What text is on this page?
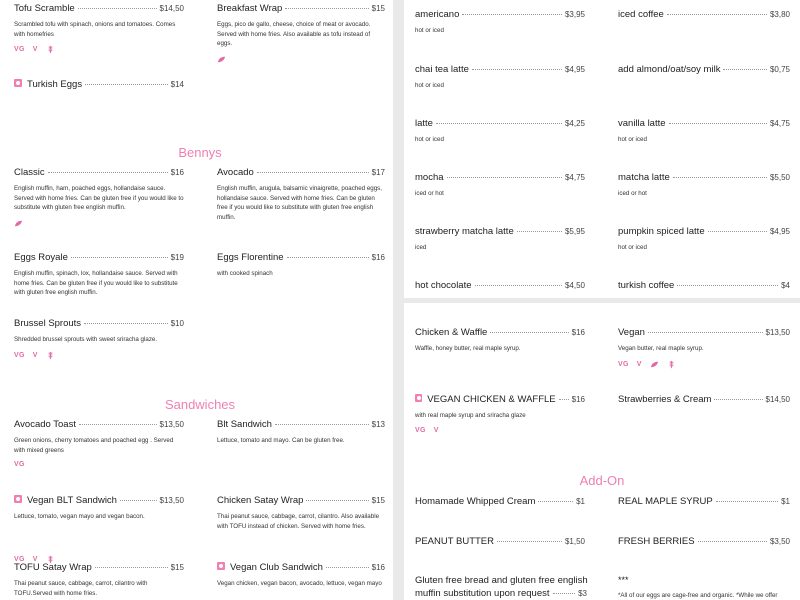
Tofu Scramble	$14,50
Scrambled tofu with spinach, onions and tomatoes. Comes with homefries
VG V
Breakfast Wrap	$15
Eggs, pico de gallo, cheese, choice of meat or avocado. Served with home fries. Also available as tofu instead of eggs.
Turkish Eggs	$14
Bennys
Classic	$16
English muffin, ham, poached eggs, hollandaise sauce. Served with home fries. Can be gluten free if you would like to substitute with gluten free english muffin.
Avocado	$17
English muffin, arugula, balsamic vinaigrette, poached eggs, hollandaise sauce. Served with home fries. Can be gluten free if you would like to substitute with gluten free english muffin.
Eggs Royale	$19
English muffin, spinach, lox, hollandaise sauce. Served with home fries. Can be gluten free if you would like to substitute with gluten free english muffin.
Eggs Florentine	$16
with cooked spinach
Brussel Sprouts	$10
Shredded brussel sprouts with sweet sriracha glaze.
VG V
Sandwiches
Avocado Toast	$13,50
Green onions, cherry tomatoes and poached egg . Served with mixed greens
VG
Blt Sandwich	$13
Lettuce, tomato and mayo. Can be gluten free.
Vegan BLT Sandwich	$13,50
Lettuce, tomato, vegan mayo and vegan bacon.
Chicken Satay Wrap	$15
Thai peanut sauce, cabbage, carrot, cilantro. Also available with TOFU instead of chicken. Served with home fries.
VG V
TOFU Satay Wrap	$15
Thai peanut sauce, cabbage, carrot, cilantro with TOFU.Served with home fries.
Vegan Club Sandwich	$16
Vegan chicken, vegan bacon, avocado, lettuce, vegan mayo
americano	$3,95
hot or iced
iced coffee	$3,80
chai tea latte	$4,95
hot or iced
add almond/oat/soy milk	$0,75
latte	$4,25
hot or iced
vanilla latte	$4,75
hot or iced
mocha	$4,75
iced or hot
matcha latte	$5,50
iced or hot
strawberry matcha latte	$5,95
iced
pumpkin spiced latte	$4,95
hot or iced
hot chocolate	$4,50	turkish coffee	$4
Chicken & Waffle	$16
Waffle, honey butter, real maple syrup.
Vegan	$13,50
Vegan butter, real maple syrup.
VG V
VEGAN CHICKEN & WAFFLE $16
with real maple syrup and sriracha glaze
VG V
Strawberries & Cream	$14,50
Add-On
Homamade Whipped Cream	$1	REAL MAPLE SYRUP	$1
PEANUT BUTTER	$1,50	FRESH BERRIES	$3,50
Gluten free bread and gluten free english
muffin substitution upon request	$3
***
*All of our eggs are cage-free and organic. *While we offer
